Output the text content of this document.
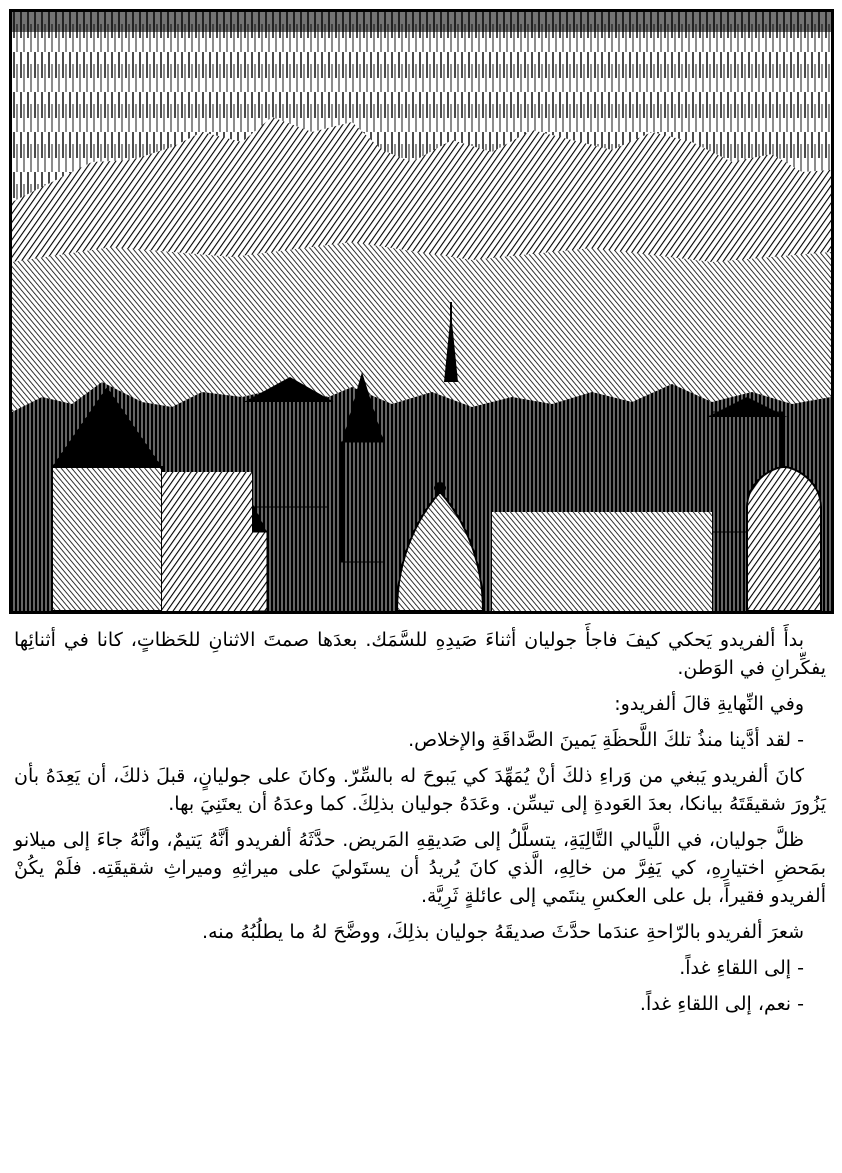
بدأَ ألفريدو يَحكي كيفَ فاجأَ جوليان أثناءَ صَيدِهِ للسَّمَك. بعدَها صمتَ الاثنانِ للحَظاتٍ، كانا في أثنائِها يفكِّرانِ في الوَطن.

وفي النِّهايةِ قالَ ألفريدو:

- لقد أدَّينا منذُ تلكَ اللَّحظَةِ يَمينَ الصَّداقَةِ والإخلاص.

كانَ ألفريدو يَبغي من وَراءِ ذلكَ أنْ يُمَهِّدَ كي يَبوحَ له بالسِّرّ. وكانَ على جوليانٍ، قبلَ ذلكَ، أن يَعِدَهُ بأن يَزُورَ شقيقَتَهُ بيانكا، بعدَ العَودةِ إلى تيسِّن. وعَدَهُ جوليان بذلِكَ. كما وعدَهُ أن يعتَنِيَ بها.

ظلَّ جوليان، في اللَّيالي التَّالِيَةِ، يتسلَّلُ إلى صَديقِهِ المَريض. حدَّثَهُ ألفريدو أنَّهُ يَتيمٌ، وأنَّهُ جاءَ إلى ميلانو بمَحضِ اختيارِهِ، كي يَفِرَّ من خالِهِ، الَّذي كانَ يُريدُ أن يستَوليَ على ميراثِهِ وميراثِ شقيقَتِه. فلَمْ يكُنْ ألفريدو فقيراً، بل على العكسِ ينتَمي إلى عائلةٍ ثَرِيَّة.

شعرَ ألفريدو بالرّاحةِ عندَما حدَّثَ صديقَهُ جوليان بذلِكَ، ووضَّحَ لهُ ما يطلُبُهُ منه.

- إلى اللقاءِ غداً.

- نعم، إلى اللقاءِ غداً.
